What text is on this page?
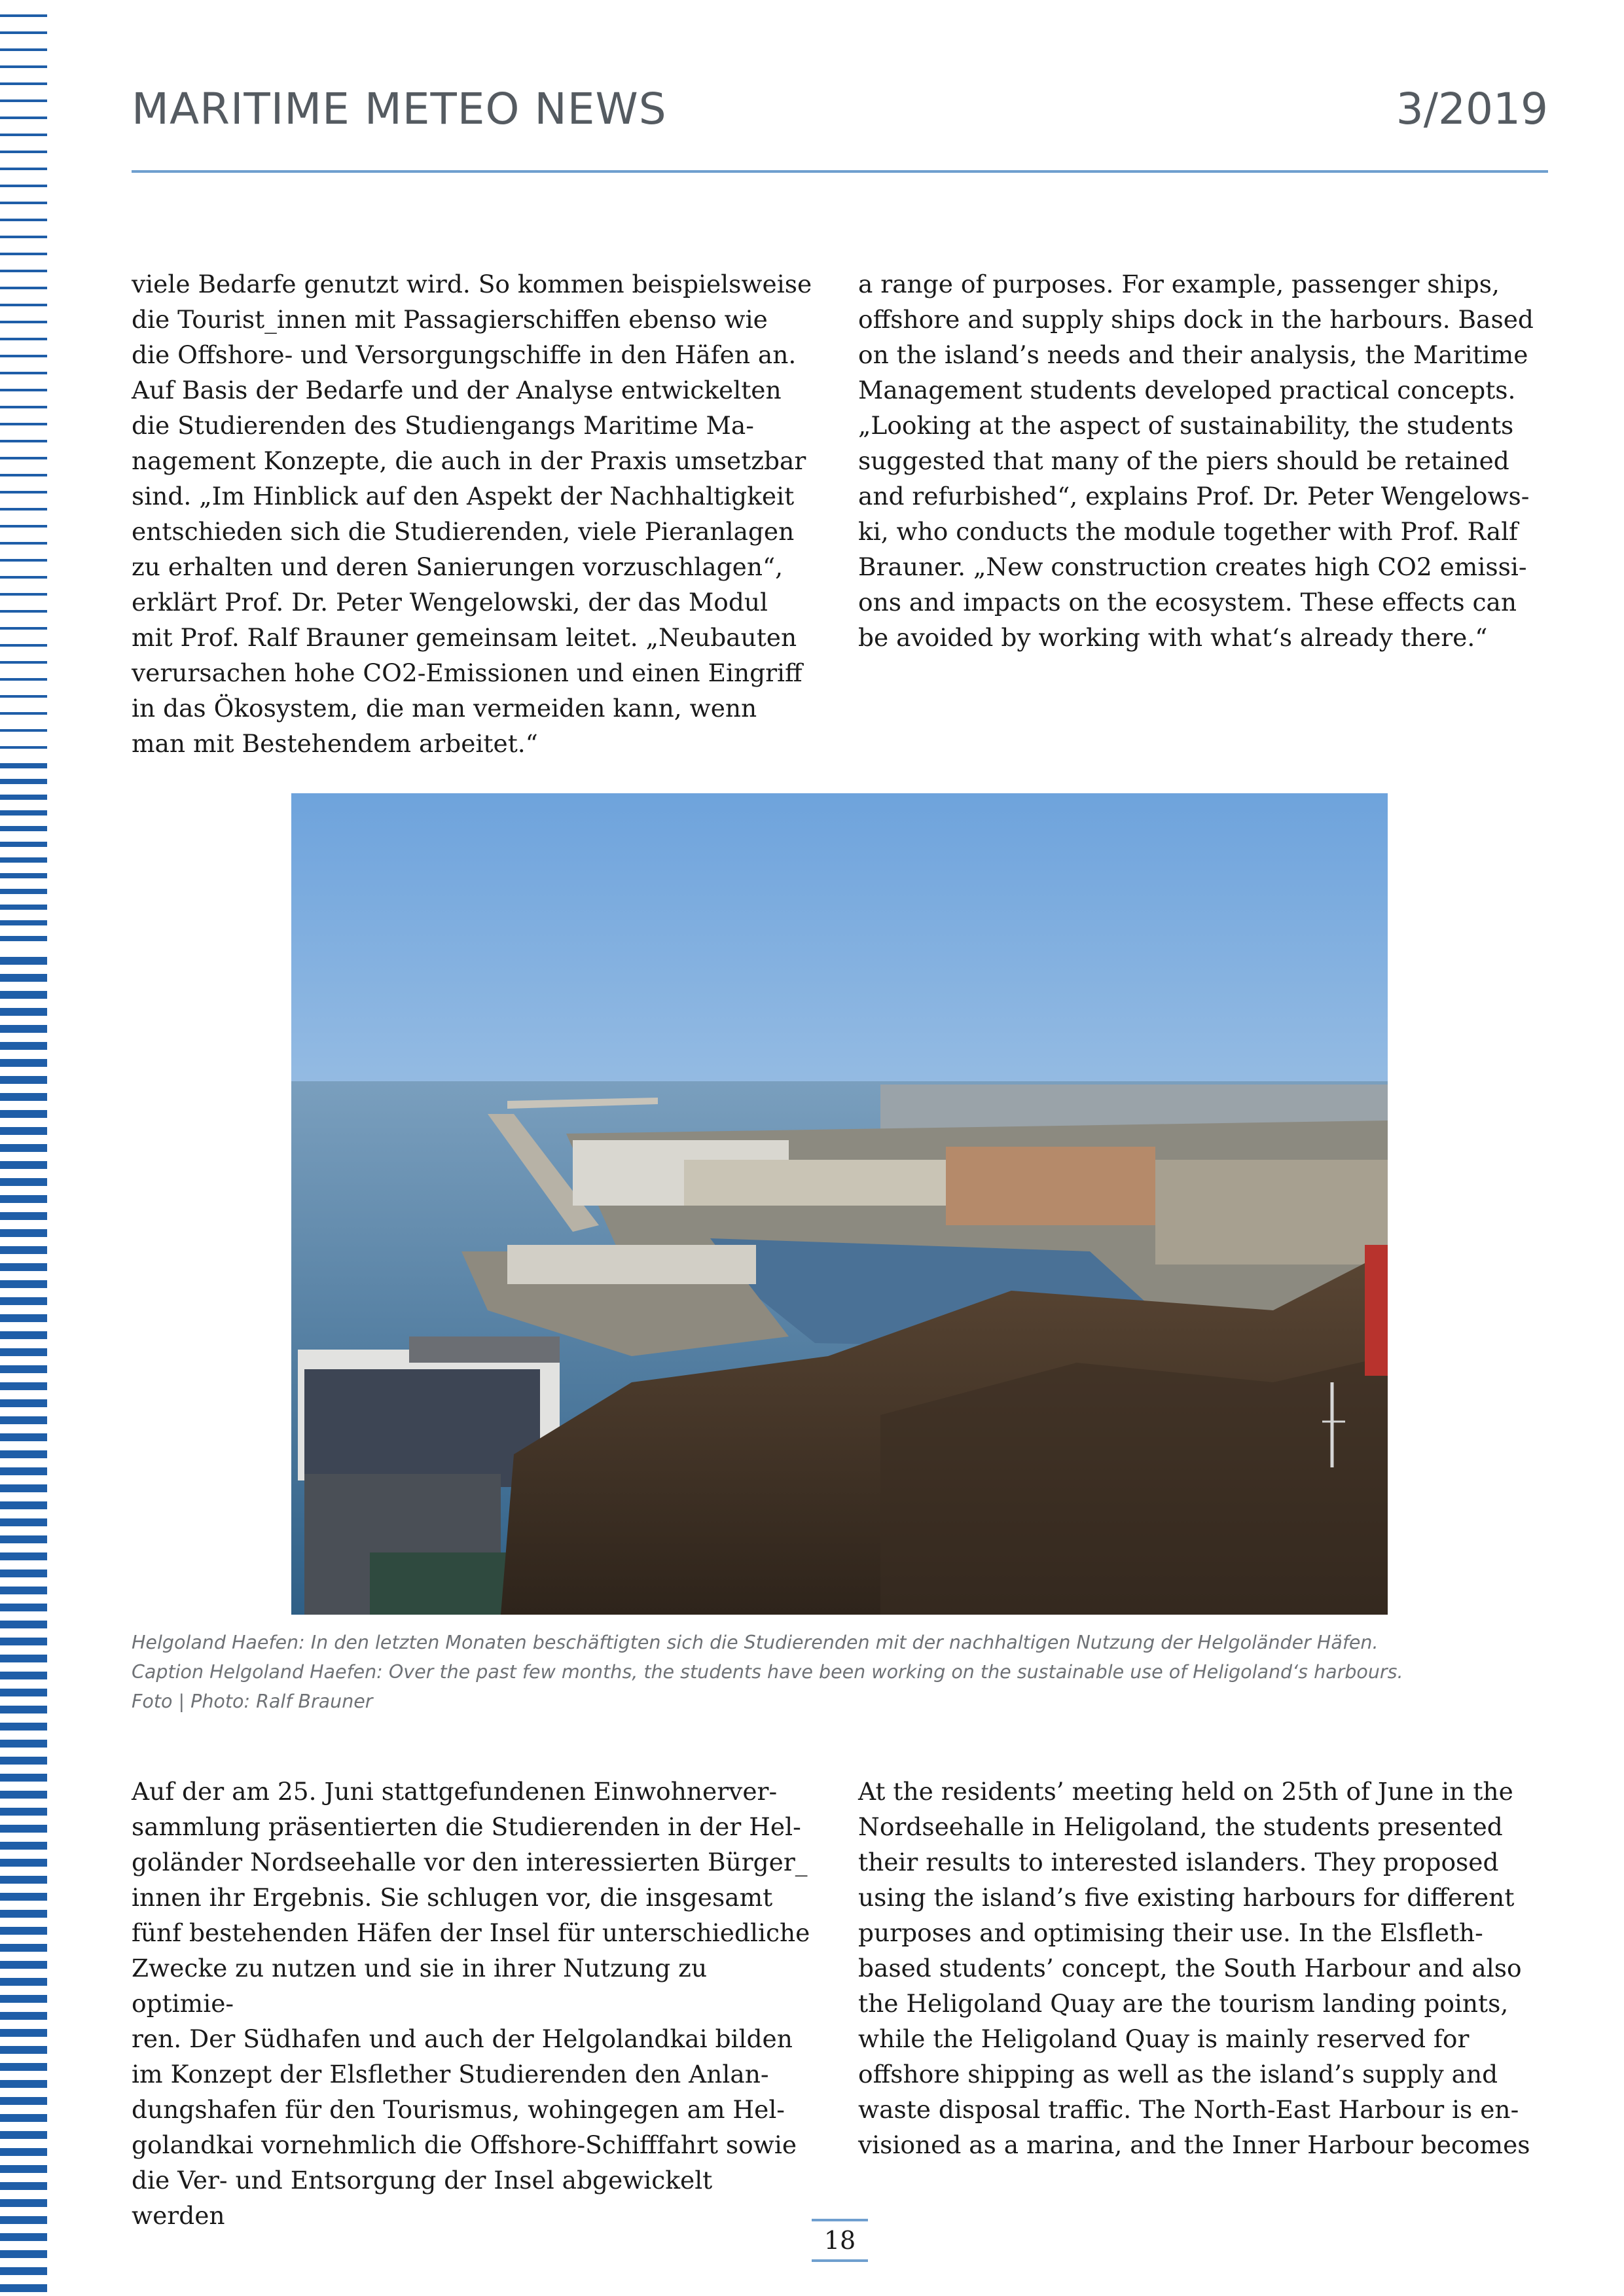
MARITIME METEO NEWS	3/2019

viele Bedarfe genutzt wird. So kommen beispielsweise
die Tourist_innen mit Passagierschiffen ebenso wie
die Offshore- und Versorgungschiffe in den Häfen an.
Auf Basis der Bedarfe und der Analyse entwickelten
die Studierenden des Studiengangs Maritime Ma-
nagement Konzepte, die auch in der Praxis umsetzbar
sind. „Im Hinblick auf den Aspekt der Nachhaltigkeit
entschieden sich die Studierenden, viele Pieranlagen
zu erhalten und deren Sanierungen vorzuschlagen“,
erklärt Prof. Dr. Peter Wengelowski, der das Modul
mit Prof. Ralf Brauner gemeinsam leitet. „Neubauten
verursachen hohe CO2-Emissionen und einen Eingriff
in das Ökosystem, die man vermeiden kann, wenn
man mit Bestehendem arbeitet.“

a range of purposes. For example, passenger ships,
offshore and supply ships dock in the harbours. Based
on the island’s needs and their analysis, the Maritime
Management students developed practical concepts.
„Looking at the aspect of sustainability, the students
suggested that many of the piers should be retained
and refurbished“, explains Prof. Dr. Peter Wengelows-
ki, who conducts the module together with Prof. Ralf
Brauner. „New construction creates high CO2 emissi-
ons and impacts on the ecosystem. These effects can
be avoided by working with what‘s already there.“

Helgoland Haefen: In den letzten Monaten beschäftigten sich die Studierenden mit der nachhaltigen Nutzung der Helgoländer Häfen.
Caption Helgoland Haefen: Over the past few months, the students have been working on the sustainable use of Heligoland‘s harbours.
Foto | Photo: Ralf Brauner

Auf der am 25. Juni stattgefundenen Einwohnerver-
sammlung präsentierten die Studierenden in der Hel-
goländer Nordseehalle vor den interessierten Bürger_
innen ihr Ergebnis. Sie schlugen vor, die insgesamt
fünf bestehenden Häfen der Insel für unterschiedliche
Zwecke zu nutzen und sie in ihrer Nutzung zu optimie-
ren. Der Südhafen und auch der Helgolandkai bilden
im Konzept der Elsflether Studierenden den Anlan-
dungshafen für den Tourismus, wohingegen am Hel-
golandkai vornehmlich die Offshore-Schifffahrt sowie
die Ver- und Entsorgung der Insel abgewickelt werden

At the residents’ meeting held on 25th of June in the
Nordseehalle in Heligoland, the students presented
their results to interested islanders. They proposed
using the island’s five existing harbours for different
purposes and optimising their use. In the Elsfleth-
based students’ concept, the South Harbour and also
the Heligoland Quay are the tourism landing points,
while the Heligoland Quay is mainly reserved for
offshore shipping as well as the island’s supply and
waste disposal traffic. The North-East Harbour is en-
visioned as a marina, and the Inner Harbour becomes

18
